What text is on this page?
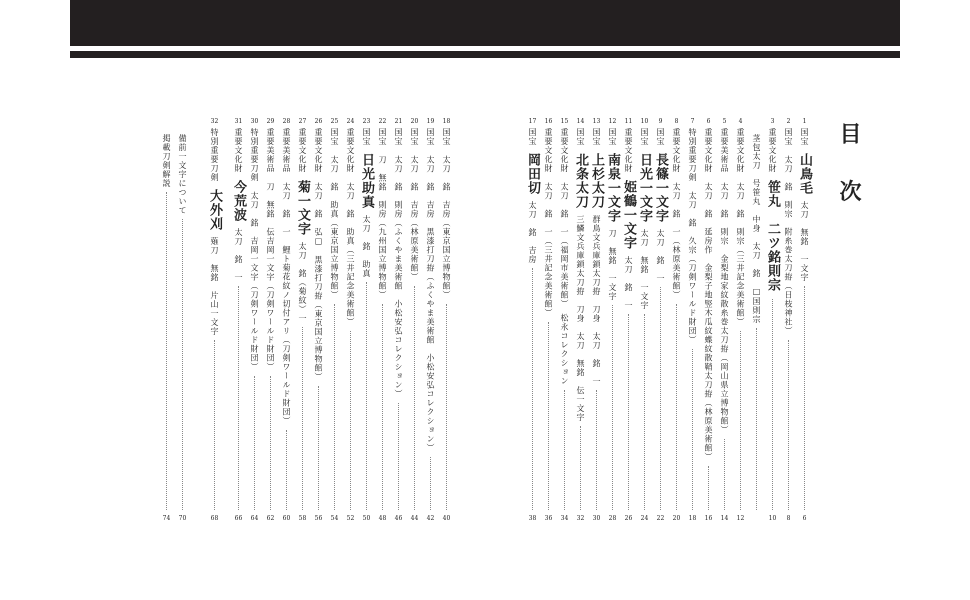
目 次
1
国宝 山鳥毛 太刀　無銘　一文字
6
2
国宝 太刀　銘　則宗　附糸巻太刀拵（日枝神社）
8
3
重要文化財 笹丸　二ツ銘則宗
10
茎包太刀　号笹丸　中身　太刀　銘　□国則宗
4
重要文化財 太刀　銘　則宗（三井記念美術館）
12
5
重要美術品 太刀　銘　則宗　金梨地家紋散糸巻太刀拵（岡山県立博物館）
14
6
重要文化財 太刀　銘　延房作　金梨子地竪木瓜紋蝶紋散鞘太刀拵（林原美術館）
16
7
特別重要刀剣 太刀　銘　久宗（刀剣ワールド財団）
18
8
重要文化財 太刀　銘　一（林原美術館）
20
9
国宝 長篠一文字 太刀　銘　一
22
10
国宝 日光一文字 太刀　無銘　一文字
24
11
重要文化財 姫鶴一文字 太刀　銘　一
26
12
国宝 南泉一文字 刀　無銘　一文字
28
13
国宝 上杉太刀 群鳥文兵庫鎖太刀拵　刀身　太刀　銘　一
30
14
国宝 北条太刀 三鱗文兵庫鎖太刀拵　刀身　太刀　無銘　伝一文字
32
15
重要文化財 太刀　銘　一（福岡市美術館）　松永コレクション
34
16
重要文化財 太刀　銘　一（三井記念美術館）
36
17
国宝 岡田切 太刀　銘　吉房
38
18
国宝 太刀　銘　吉房（東京国立博物館）
40
19
国宝 太刀　銘　吉房　黒漆打刀拵（ふくやま美術館　小松安弘コレクション）
42
20
国宝 太刀　銘　吉房（林原美術館）
44
21
国宝 太刀　銘　則房（ふくやま美術館　小松安弘コレクション）
46
22
国宝 刀　無銘　則房（九州国立博物館）
48
23
国宝 日光助真 太刀　銘　助真
50
24
重要文化財 太刀　銘　助真（三井記念美術館）
52
25
国宝 太刀　銘　助真（東京国立博物館）
54
26
重要文化財 太刀　銘　弘□　黒漆打刀拵（東京国立博物館）
56
27
重要文化財 菊一文字 太刀　銘（菊紋）一
58
28
重要美術品 太刀　銘　一　鯉ト菊花紋ノ切付アリ（刀剣ワールド財団）
60
29
重要美術品 刀　無銘　伝吉岡一文字（刀剣ワールド財団）
62
30
特別重要刀剣 太刀　銘　吉岡一文字（刀剣ワールド財団）
64
31
重要文化財 今荒波 太刀　銘　一
66
32
特別重要刀剣 大外刈 薙刀　無銘　片山一文字
68
備前一文字について
70
掲載刀剣解説
74
